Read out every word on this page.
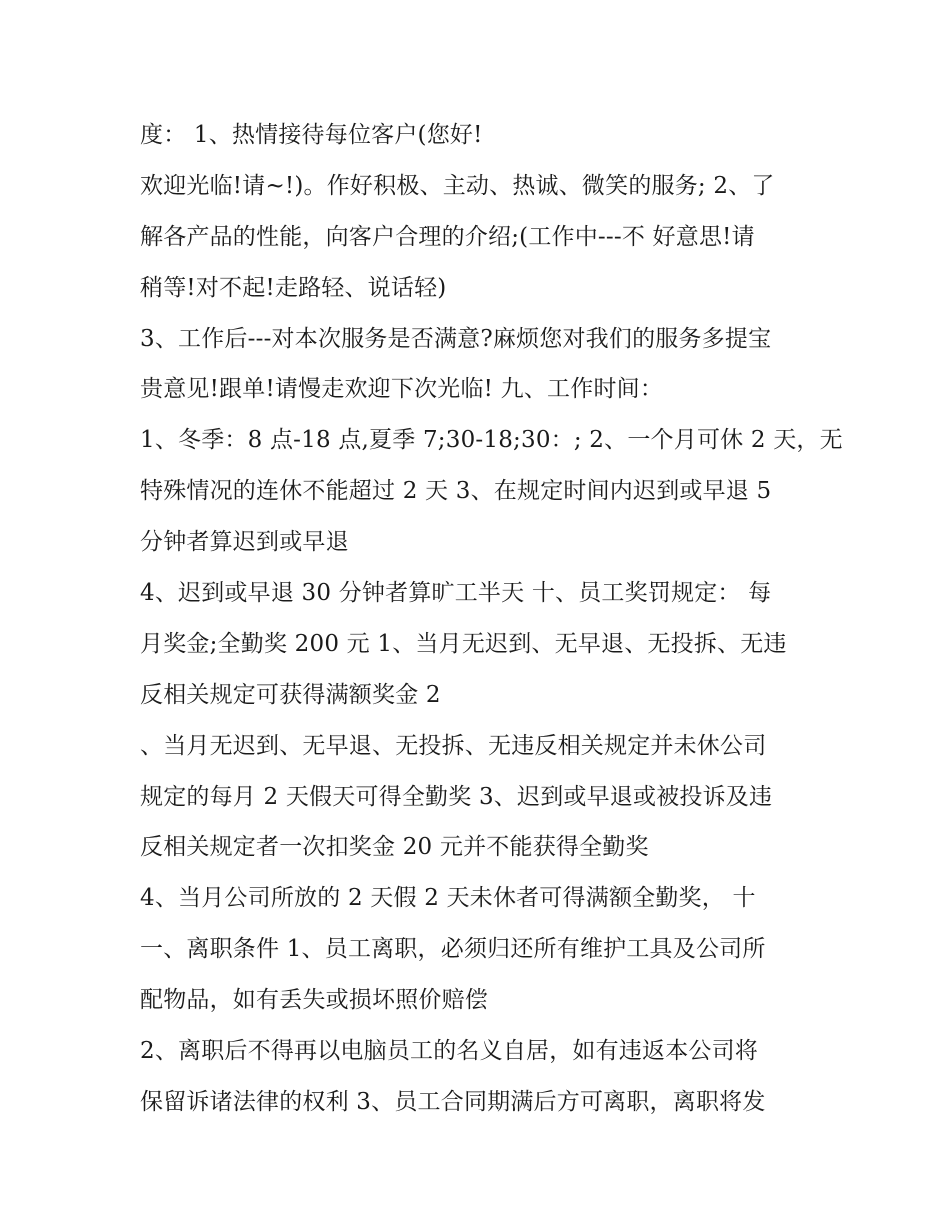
度： 1、热情接待每位客户(您好!
欢迎光临!请~!)。作好积极、主动、热诚、微笑的服务; 2、了
解各产品的性能，向客户合理的介绍;(工作中---不 好意思!请
稍等!对不起!走路轻、说话轻)
3、工作后---对本次服务是否满意?麻烦您对我们的服务多提宝
贵意见!跟单!请慢走欢迎下次光临! 九、工作时间：
1、冬季：8 点-18 点,夏季 7;30-18;30：; 2、一个月可休 2 天，无
特殊情况的连休不能超过 2 天 3、在规定时间内迟到或早退 5
分钟者算迟到或早退
4、迟到或早退 30 分钟者算旷工半天 十、员工奖罚规定： 每
月奖金;全勤奖 200 元 1、当月无迟到、无早退、无投拆、无违
反相关规定可获得满额奖金 2
、当月无迟到、无早退、无投拆、无违反相关规定并未休公司
规定的每月 2 天假天可得全勤奖 3、迟到或早退或被投诉及违
反相关规定者一次扣奖金 20 元并不能获得全勤奖
4、当月公司所放的 2 天假 2 天未休者可得满额全勤奖， 十
一、离职条件 1、员工离职，必须归还所有维护工具及公司所
配物品，如有丢失或损坏照价赔偿
2、离职后不得再以电脑员工的名义自居，如有违返本公司将
保留诉诸法律的权利 3、员工合同期满后方可离职，离职将发
